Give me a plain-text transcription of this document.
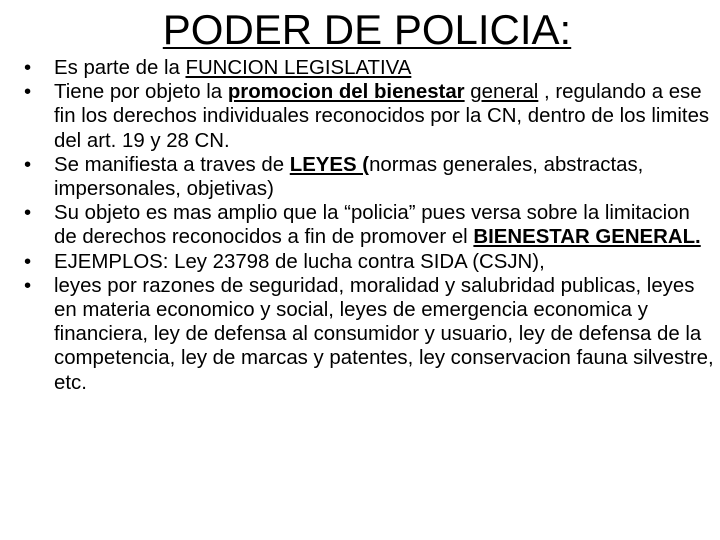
PODER DE POLICIA:
•	Es parte de la FUNCION LEGISLATIVA
•	Tiene por objeto la promocion del bienestar general , regulando a ese fin los derechos individuales reconocidos por la CN, dentro de los limites del art. 19 y 28 CN.
•	Se manifiesta a traves de LEYES (normas generales, abstractas, impersonales, objetivas)
•	Su objeto es mas amplio que la “policia” pues versa sobre la limitacion de derechos reconocidos a fin de promover el BIENESTAR GENERAL.
•	EJEMPLOS: Ley 23798 de lucha contra SIDA (CSJN),
•	leyes por razones de seguridad, moralidad y salubridad publicas, leyes en materia economico y social, leyes de emergencia economica y financiera, ley de defensa al consumidor y usuario, ley de defensa de la competencia, ley de marcas y patentes, ley conservacion fauna silvestre, etc.
